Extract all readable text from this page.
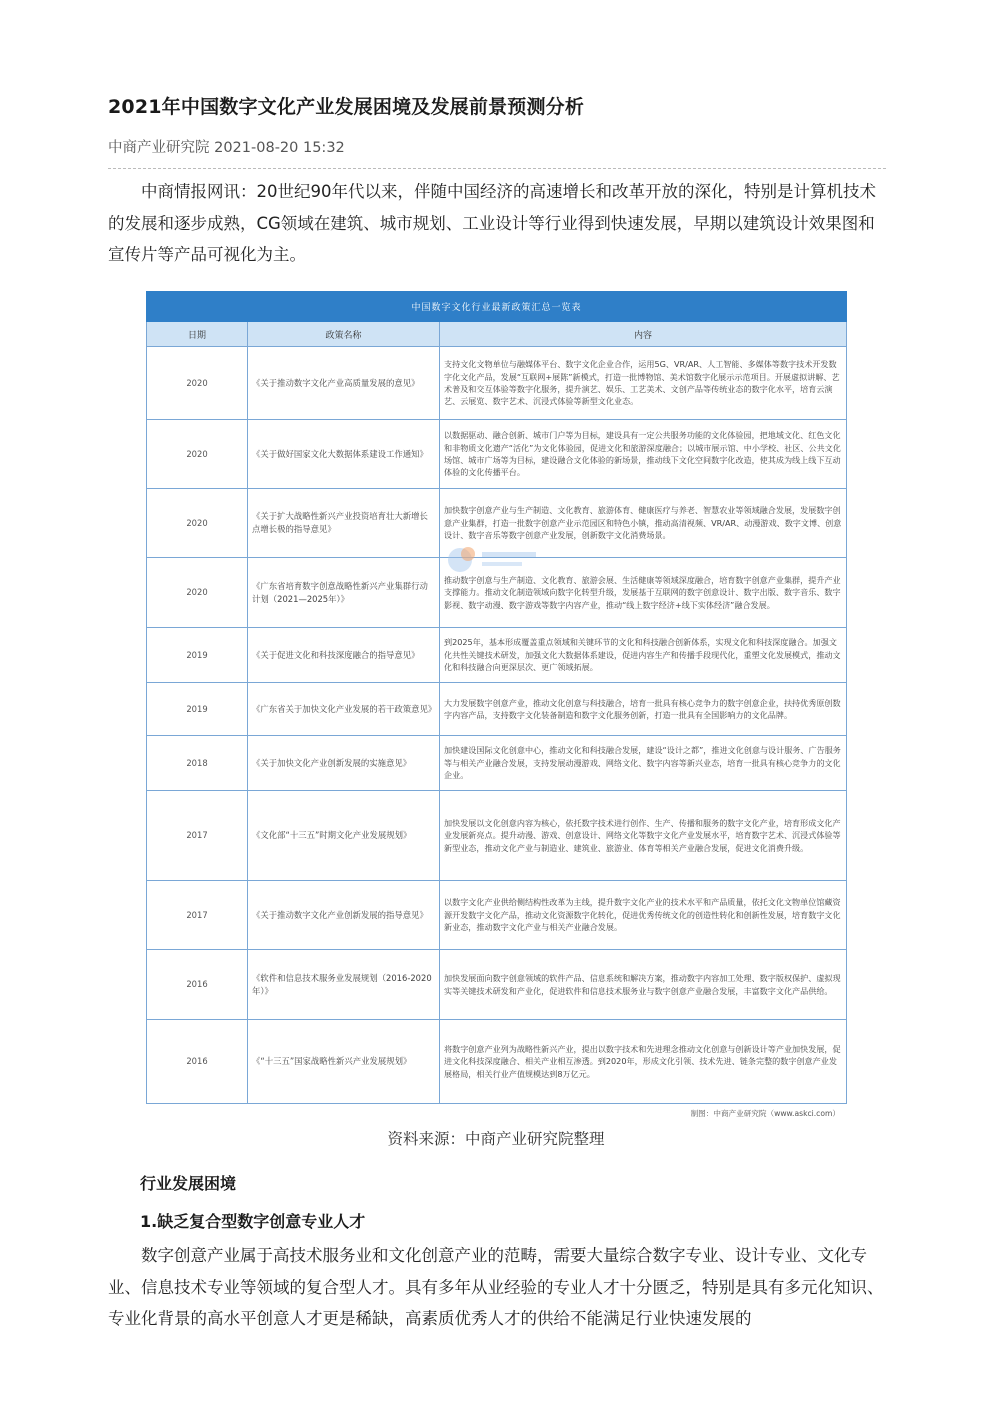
2021年中国数字文化产业发展困境及发展前景预测分析
中商产业研究院 2021-08-20 15:32

中商情报网讯：20世纪90年代以来，伴随中国经济的高速增长和改革开放的深化，特别是计算机技术的发展和逐步成熟，CG领域在建筑、城市规划、工业设计等行业得到快速发展，早期以建筑设计效果图和宣传片等产品可视化为主。

中国数字文化行业最新政策汇总一览表		
日期	政策名称	内容
2020	《关于推动数字文化产业高质量发展的意见》	支持文化文物单位与融媒体平台、数字文化企业合作，运用5G、VR/AR、人工智能、多媒体等数字技术开发数字化文化产品，发展“互联网+展陈”新模式，打造一批博物馆、美术馆数字化展示示范项目。开展虚拟讲解、艺术普及和交互体验等数字化服务，提升演艺、娱乐、工艺美术、文创产品等传统业态的数字化水平，培育云演艺、云展览、数字艺术、沉浸式体验等新型文化业态。
2020	《关于做好国家文化大数据体系建设工作通知》	以数据驱动、融合创新、城市门户等为目标，建设具有一定公共服务功能的文化体验园，把地域文化、红色文化和非物质文化遗产“活化”为文化体验园，促进文化和旅游深度融合；以城市展示馆、中小学校、社区、公共文化场馆、城市广场等为目标，建设融合文化体验的新场景，推动线下文化空间数字化改造，使其成为线上线下互动体验的文化传播平台。
2020	《关于扩大战略性新兴产业投资培育壮大新增长点增长极的指导意见》	加快数字创意产业与生产制造、文化教育、旅游体育、健康医疗与养老、智慧农业等领域融合发展，发展数字创意产业集群，打造一批数字创意产业示范园区和特色小镇，推动高清视频、VR/AR、动漫游戏、数字文博、创意设计、数字音乐等数字创意产业发展，创新数字文化消费场景。
2020	《广东省培育数字创意战略性新兴产业集群行动计划（2021—2025年）》	推动数字创意与生产制造、文化教育、旅游会展、生活健康等领域深度融合，培育数字创意产业集群，提升产业支撑能力。推动文化制造领域向数字化转型升级，发展基于互联网的数字创意设计、数字出版、数字音乐、数字影视、数字动漫、数字游戏等数字内容产业，推动“线上数字经济+线下实体经济”融合发展。
2019	《关于促进文化和科技深度融合的指导意见》	到2025年，基本形成覆盖重点领域和关键环节的文化和科技融合创新体系，实现文化和科技深度融合。加强文化共性关键技术研发，加强文化大数据体系建设，促进内容生产和传播手段现代化，重塑文化发展模式，推动文化和科技融合向更深层次、更广领域拓展。
2019	《广东省关于加快文化产业发展的若干政策意见》	大力发展数字创意产业，推动文化创意与科技融合，培育一批具有核心竞争力的数字创意企业，扶持优秀原创数字内容产品，支持数字文化装备制造和数字文化服务创新，打造一批具有全国影响力的文化品牌。
2018	《关于加快文化产业创新发展的实施意见》	加快建设国际文化创意中心，推动文化和科技融合发展，建设“设计之都”，推进文化创意与设计服务、广告服务等与相关产业融合发展，支持发展动漫游戏、网络文化、数字内容等新兴业态，培育一批具有核心竞争力的文化企业。
2017	《文化部“十三五”时期文化产业发展规划》	加快发展以文化创意内容为核心，依托数字技术进行创作、生产、传播和服务的数字文化产业，培育形成文化产业发展新亮点。提升动漫、游戏、创意设计、网络文化等数字文化产业发展水平，培育数字艺术、沉浸式体验等新型业态，推动文化产业与制造业、建筑业、旅游业、体育等相关产业融合发展，促进文化消费升级。
2017	《关于推动数字文化产业创新发展的指导意见》	以数字文化产业供给侧结构性改革为主线，提升数字文化产业的技术水平和产品质量，依托文化文物单位馆藏资源开发数字文化产品，推动文化资源数字化转化，促进优秀传统文化的创造性转化和创新性发展，培育数字文化新业态，推动数字文化产业与相关产业融合发展。
2016	《软件和信息技术服务业发展规划（2016-2020年）》	加快发展面向数字创意领域的软件产品、信息系统和解决方案，推动数字内容加工处理、数字版权保护、虚拟现实等关键技术研发和产业化，促进软件和信息技术服务业与数字创意产业融合发展，丰富数字文化产品供给。
2016	《“十三五”国家战略性新兴产业发展规划》	将数字创意产业列为战略性新兴产业，提出以数字技术和先进理念推动文化创意与创新设计等产业加快发展，促进文化科技深度融合、相关产业相互渗透。到2020年，形成文化引领、技术先进、链条完整的数字创意产业发展格局，相关行业产值规模达到8万亿元。
制图：中商产业研究院（www.askci.com）
资料来源：中商产业研究院整理
行业发展困境
1.缺乏复合型数字创意专业人才

数字创意产业属于高技术服务业和文化创意产业的范畴，需要大量综合数字专业、设计专业、文化专业、信息技术专业等领域的复合型人才。具有多年从业经验的专业人才十分匮乏，特别是具有多元化知识、专业化背景的高水平创意人才更是稀缺，高素质优秀人才的供给不能满足行业快速发展的
